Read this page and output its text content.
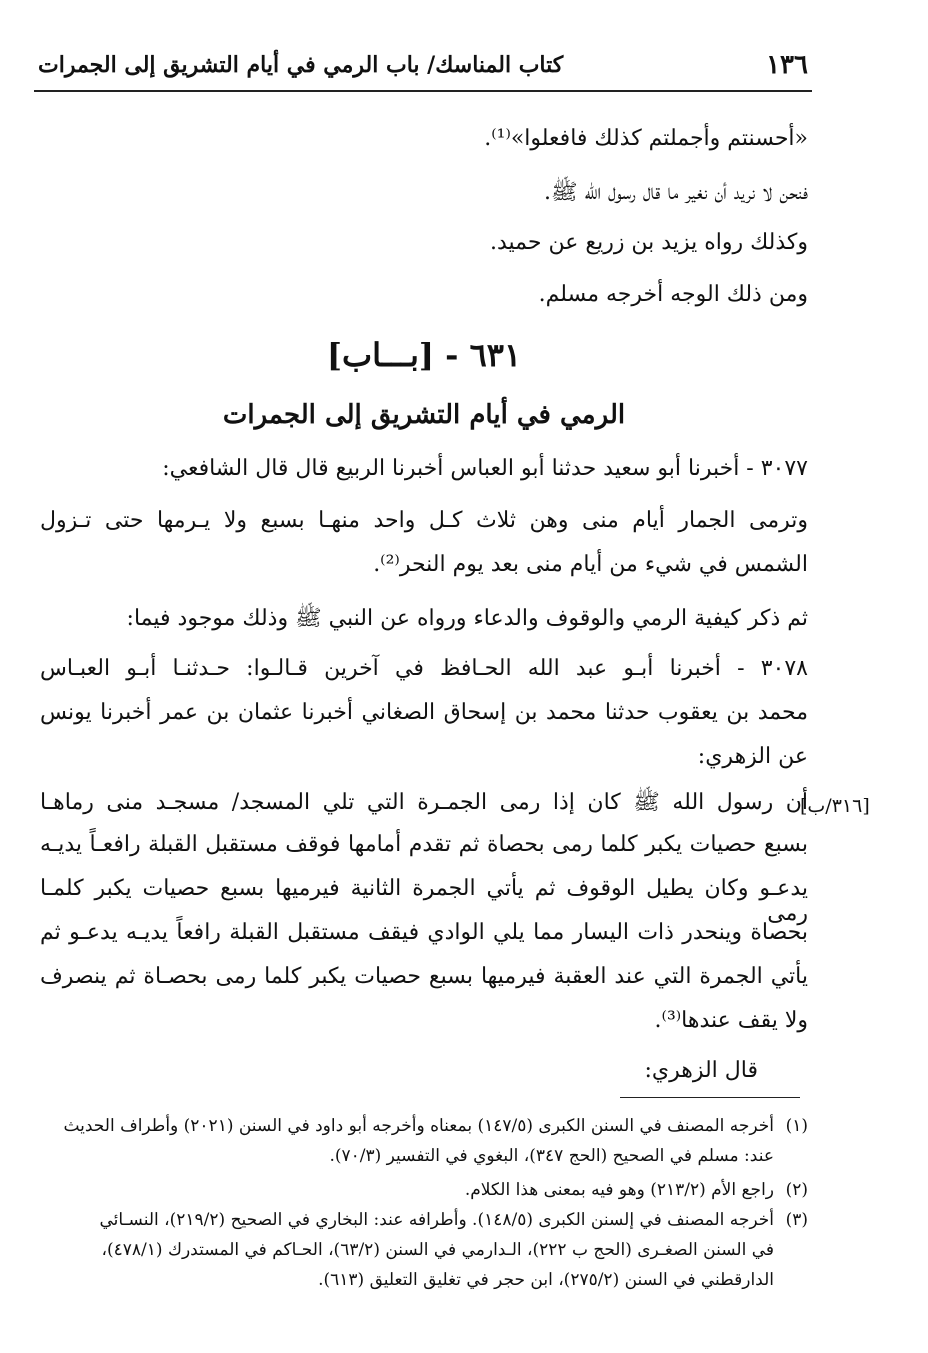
١٣٦
كتاب المناسك/ باب الرمي في أيام التشريق إلى الجمرات
«أحسنتم وأجملتم كذلك فافعلوا»⁽¹⁾.
فنحن لا نريد أن نغير ما قال رسول الله ﷺ.
وكذلك رواه يزيد بن زريع عن حميد.
ومن ذلك الوجه أخرجه مسلم.
٦٣١ - [بـــاب]
الرمي في أيام التشريق إلى الجمرات
٣٠٧٧ - أخبرنا أبو سعيد حدثنا أبو العباس أخبرنا الربيع قال قال الشافعي:
وترمى الجمار أيام منى وهن ثلاث كـل واحد منهـا بسبع ولا يـرمها حتى تـزول
الشمس في شيء من أيام منى بعد يوم النحر⁽²⁾.
ثم ذكر كيفية الرمي والوقوف والدعاء ورواه عن النبي ﷺ وذلك موجود فيما:
٣٠٧٨ - أخبرنا أبـو عبد الله الحـافظ في آخرين قـالـوا: حـدثنـا أبـو العبـاس
محمد بن يعقوب حدثنا محمد بن إسحاق الصغاني أخبرنا عثمان بن عمر أخبرنا يونس
عن الزهري:
أن رسول الله ﷺ كان إذا رمى الجمـرة التي تلي المسجد/ مسجـد منى رماهـا
بسبع حصيات يكبر كلما رمى بحصاة ثم تقدم أمامها فوقف مستقبل القبلة رافعـاً يديـه
يدعـو وكان يطيل الوقوف ثم يأتي الجمرة الثانية فيرميها بسبع حصيات يكبر كلمـا رمى
بحصاة وينحدر ذات اليسار مما يلي الوادي فيقف مستقبل القبلة رافعاً يديـه يدعـو ثم
يأتي الجمرة التي عند العقبة فيرميها بسبع حصيات يكبر كلما رمى بحصـاة ثم ينصرف
ولا يقف عندها⁽³⁾.
قال الزهري:
[٣١٦/ب]
(١)أخرجه المصنف في السنن الكبرى (١٤٧/٥) بمعناه وأخرجه أبو داود في السنن (٢٠٢١) وأطراف الحديث
عند: مسلم في الصحيح (الحج ٣٤٧)، البغوي في التفسير (٧٠/٣).
(٢)راجع الأم (٢١٣/٢) وهو فيه بمعنى هذا الكلام.
(٣)أخرجه المصنف في إلسنن الكبرى (١٤٨/٥). وأطرافه عند: البخاري في الصحيح (٢١٩/٢)، النسـائي
في السنن الصغـرى (الحج ب ٢٢٢)، الـدارمي في السنن (٦٣/٢)، الحـاكم في المستدرك (٤٧٨/١)،
الدارقطني في السنن (٢٧٥/٢)، ابن حجر في تغليق التعليق (٦١٣).
